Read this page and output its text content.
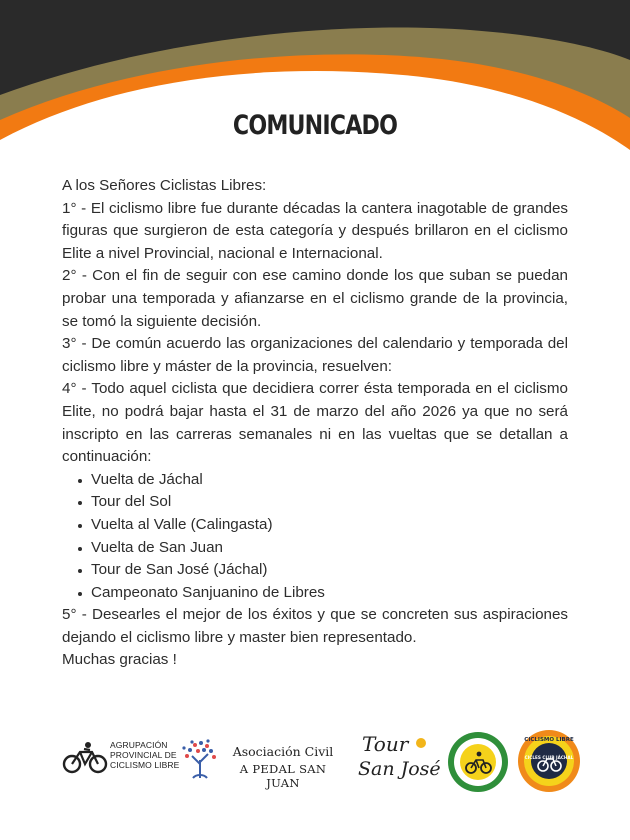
COMUNICADO

A los Señores Ciclistas Libres:

1° - El ciclismo libre fue durante décadas la cantera inagotable de grandes figuras que surgieron de esta categoría y después brillaron en el ciclismo Elite a nivel Provincial, nacional e Internacional.

2° - Con el fin de seguir con ese camino donde los que suban se puedan probar una temporada y afianzarse en el ciclismo grande de la provincia, se tomó la siguiente decisión.

3° - De común acuerdo las organizaciones del calendario y temporada del ciclismo libre y máster de la provincia, resuelven:

4° - Todo aquel ciclista que decidiera correr ésta temporada en el ciclismo Elite, no podrá bajar hasta el 31 de marzo del año 2026 ya que no será inscripto en las carreras semanales ni en las vueltas que se detallan a continuación:

Vuelta de Jáchal
Tour del Sol
Vuelta al Valle (Calingasta)
Vuelta de San Juan
Tour de San José (Jáchal)
Campeonato Sanjuanino de Libres

5° - Desearles el mejor de los éxitos y que se concreten sus aspiraciones dejando el ciclismo libre y master bien representado.

Muchas gracias !

AGRUPACIÓN
PROVINCIAL DE
CICLISMO LIBRE
Asociación Civil
A PEDAL SAN JUAN
Tour
San José
CICLISMO LIBRE
CICLES CLUB JÁCHAL
